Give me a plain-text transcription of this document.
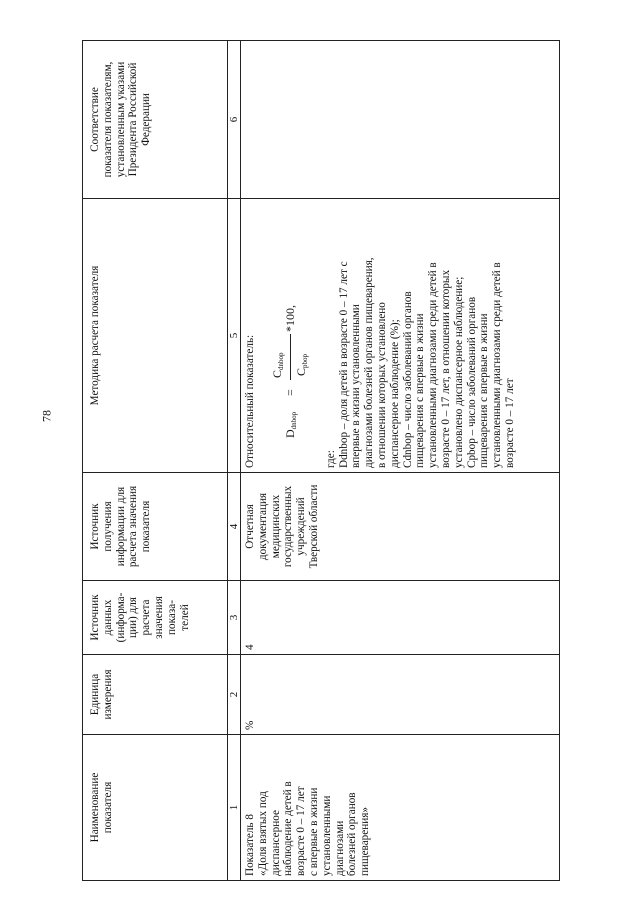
78
Наименование
показателя
Единица
измерения
Источник
данных
(информа-
ции) для
расчета
значения
показа-
телей
Источник
получения
информации для
расчета значения
показателя
Методика расчета показателя
Соответствие
показателя показателям,
установленным указами
Президента Российской
Федерации
1
2
3
4
5
6
Показатель 8
«Доля взятых под
диспансерное
наблюдение детей в
возрасте 0 – 17 лет
с впервые в жизни
установленными
диагнозами
болезней органов
пищеварения»
%
4
Отчетная
документация
медицинских
государственных
учреждений
Тверской области
Относительный показатель: $D_{dnbop}$
=
$C_{dnbop}$
$C_{pbop}$
*100,
где: Ddnbop – доля детей в возрасте 0 – 17 лет с
впервые в жизни установленными
диагнозами болезней органов пищеварения,
в отношении которых установлено
диспансерное наблюдение (%);
Cdnbop – число заболеваний органов
пищеварения с впервые в жизни
установленными диагнозами среди детей в
возрасте 0 – 17 лет, в отношении которых
установлено диспансерное наблюдение;
Cpbop – число заболеваний органов
пищеварения с впервые в жизни
установленными диагнозами среди детей в
возрасте 0 – 17 лет
